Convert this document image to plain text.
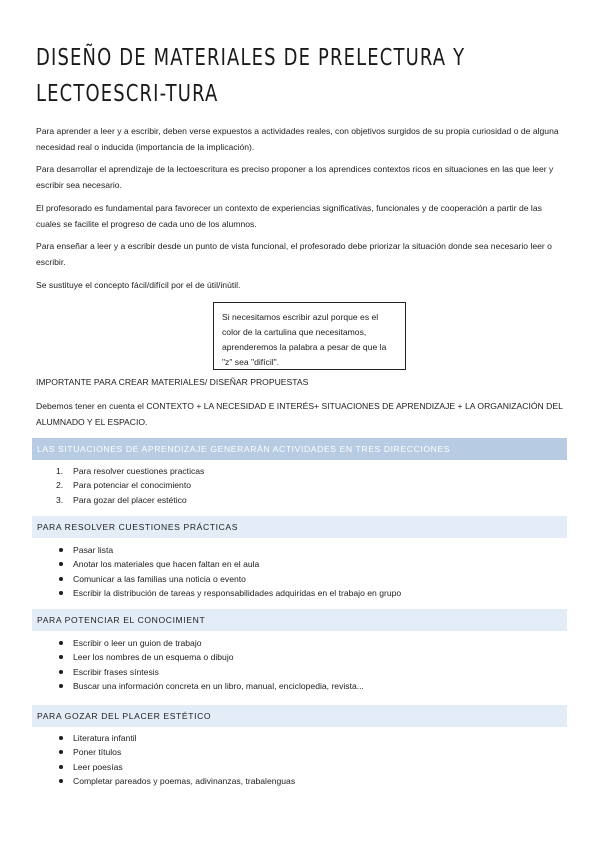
DISEÑO DE MATERIALES DE PRELECTURA Y LECTOESCRI-TURA

Para aprender a leer y a escribir, deben verse expuestos a actividades reales, con objetivos surgidos de su propia curiosidad o de alguna necesidad real o inducida (importancia de la implicación).

Para desarrollar el aprendizaje de la lectoescritura es preciso proponer a los aprendices contextos ricos en situaciones en las que leer y escribir sea necesario.

El profesorado es fundamental para favorecer un contexto de experiencias significativas, funcionales y de cooperación a partir de las cuales se facilite el progreso de cada uno de los alumnos.

Para enseñar a leer y a escribir desde un punto de vista funcional, el profesorado debe priorizar la situación donde sea necesario leer o escribir.

Se sustituye el concepto fácil/difícil por el de útil/inútil.

Si necesitamos escribir azul porque es el color de la cartulina que necesitamos, aprenderemos la palabra a pesar de que la "z" sea "difícil".

IMPORTANTE PARA CREAR MATERIALES/ DISEÑAR PROPUESTAS

Debemos tener en cuenta el CONTEXTO + LA NECESIDAD E INTERÉS+ SITUACIONES DE APRENDIZAJE + LA ORGANIZACIÓN DEL ALUMNADO Y EL ESPACIO.

LAS SITUACIONES DE APRENDIZAJE GENERARÁN ACTIVIDADES EN TRES DIRECCIONES
1. Para resolver cuestiones practicas
2. Para potenciar el conocimiento
3. Para gozar del placer estético
PARA RESOLVER CUESTIONES PRÁCTICAS
Pasar lista
Anotar los materiales que hacen faltan en el aula
Comunicar a las familias una noticia o evento
Escribir la distribución de tareas y responsabilidades adquiridas en el trabajo en grupo
PARA POTENCIAR EL CONOCIMIENT
Escribir o leer un guion de trabajo
Leer los nombres de un esquema o dibujo
Escribir frases síntesis
Buscar una información concreta en un libro, manual, enciclopedia, revista...
PARA GOZAR DEL PLACER ESTÉTICO
Literatura infantil
Poner títulos
Leer poesías
Completar pareados y poemas, adivinanzas, trabalenguas
